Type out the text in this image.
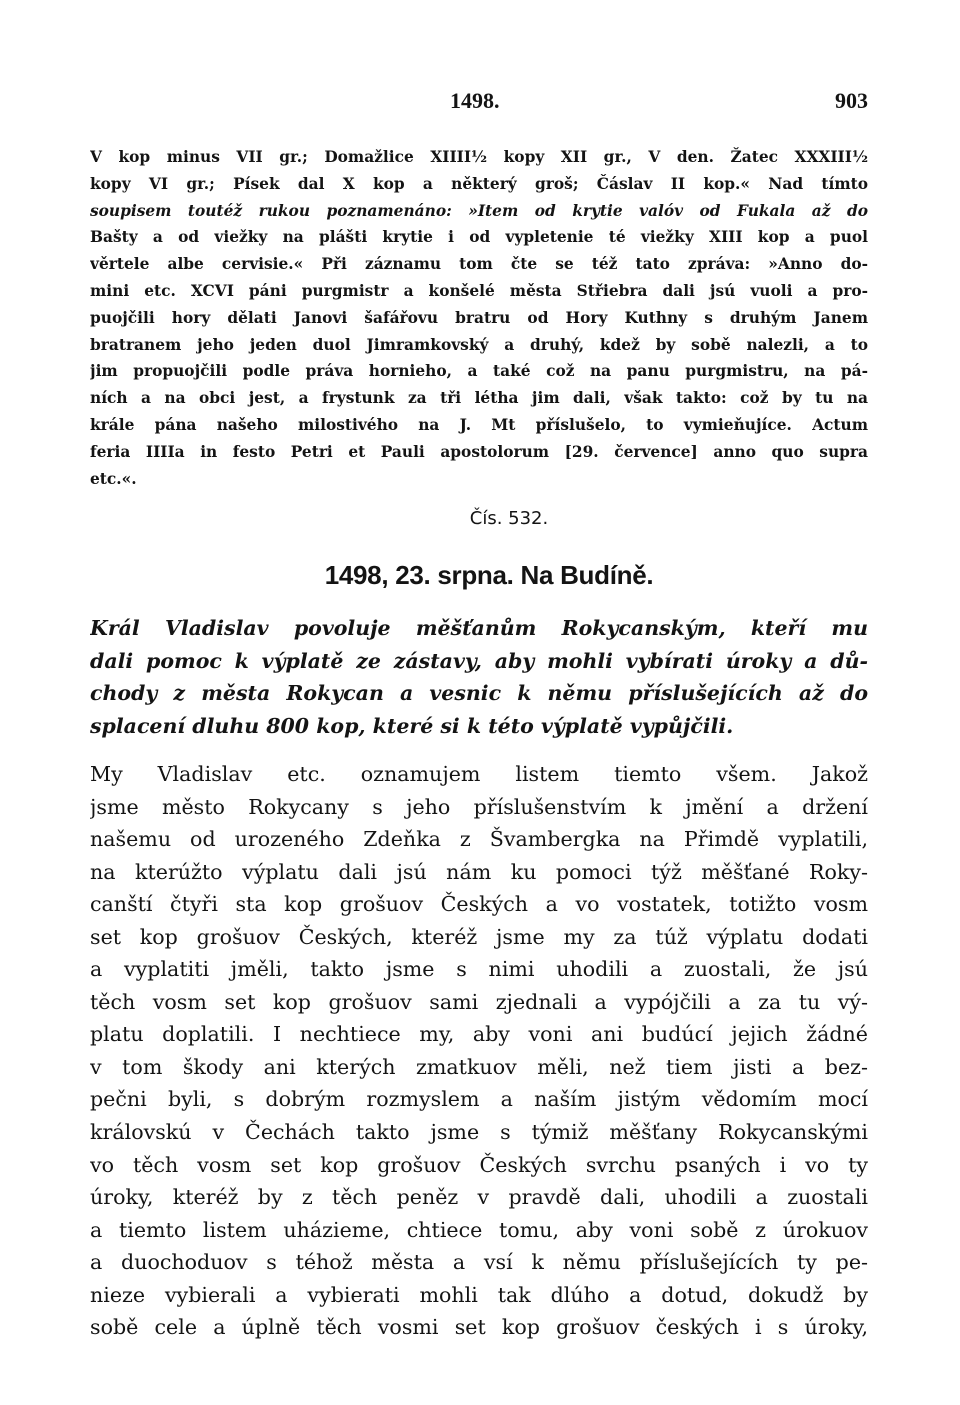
1498.	903
V kop minus VII gr.; Domažlice XIIII½ kopy XII gr., V den. Žatec XXXIII½
kopy VI gr.; Písek dal X kop a některý groš; Čáslav II kop.« Nad tímto
soupisem toutéž rukou poznamenáno: »Item od krytie valóv od Fukala až do
Bašty a od viežky na plášti krytie i od vypletenie té viežky XIII kop a puol
věrtele albe cervisie.« Při záznamu tom čte se též tato zpráva: »Anno do-
mini etc. XCVI páni purgmistr a konšelé města Střiebra dali jsú vuoli a pro-
puojčili hory dělati Janovi šafářovu bratru od Hory Kuthny s druhým Janem
bratranem jeho jeden duol Jimramkovský a druhý, kdež by sobě nalezli, a to
jim propuojčili podle práva hornieho, a také což na panu purgmistru, na pá-
ních a na obci jest, a frystunk za tři létha jim dali, však takto: což by tu na
krále pána našeho milostivého na J. Mt příslušelo, to vymieňujíce. Actum
feria IIIIa in festo Petri et Pauli apostolorum [29. července] anno quo supra
etc.«.
Čís. 532.
1498, 23. srpna. Na Budíně.
Král Vladislav povoluje měšťanům Rokycanským, kteří mu
dali pomoc k výplatě ze zástavy, aby mohli vybírati úroky a dů-
chody z města Rokycan a vesnic k němu příslušejících až do
splacení dluhu 800 kop, které si k této výplatě vypůjčili.
My Vladislav etc. oznamujem listem tiemto všem. Jakož
jsme město Rokycany s jeho příslušenstvím k jmění a držení
našemu od urozeného Zdeňka z Švambergka na Přimdě vyplatili,
na kterúžto výplatu dali jsú nám ku pomoci týž měšťané Roky-
canští čtyři sta kop grošuov Českých a vo vostatek, totižto vosm
set kop grošuov Českých, kteréž jsme my za túž výplatu dodati
a vyplatiti jměli, takto jsme s nimi uhodili a zuostali, že jsú
těch vosm set kop grošuov sami zjednali a vypójčili a za tu vý-
platu doplatili. I nechtiece my, aby voni ani budúcí jejich žádné
v tom škody ani kterých zmatkuov měli, než tiem jisti a bez-
pečni byli, s dobrým rozmyslem a naším jistým vědomím mocí
královskú v Čechách takto jsme s týmiž měšťany Rokycanskými
vo těch vosm set kop grošuov Českých svrchu psaných i vo ty
úroky, kteréž by z těch peněz v pravdě dali, uhodili a zuostali
a tiemto listem uházieme, chtiece tomu, aby voni sobě z úrokuov
a duochoduov s téhož města a vsí k němu příslušejících ty pe-
nieze vybierali a vybierati mohli tak dlúho a dotud, dokudž by
sobě cele a úplně těch vosmi set kop grošuov českých i s úroky,
